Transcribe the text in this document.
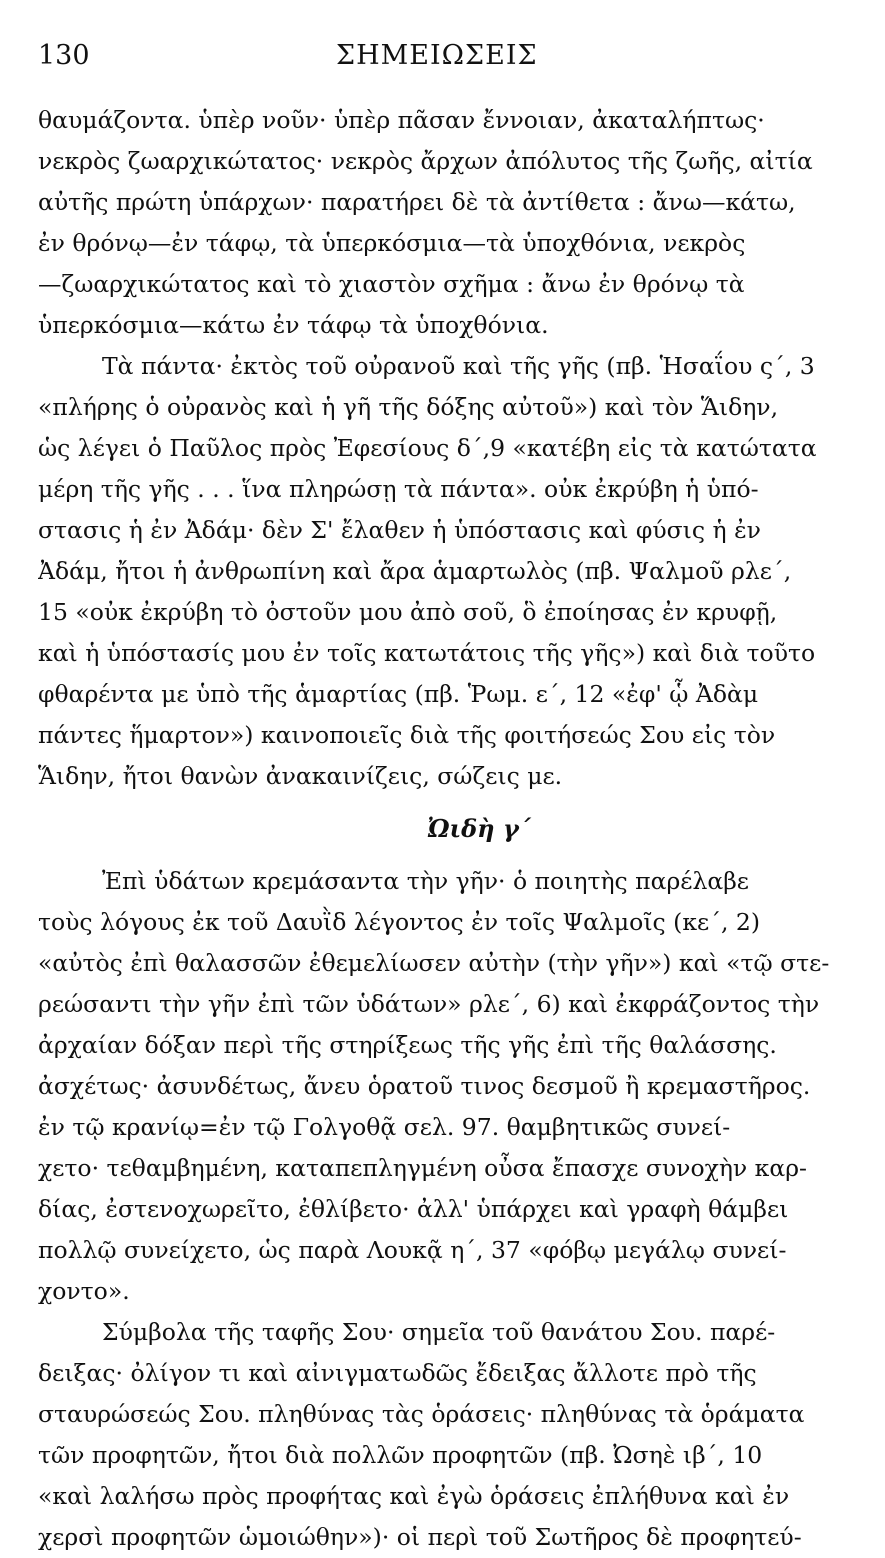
130	ΣΗΜΕΙΩΣΕΙΣ
θαυμάζοντα. ὑπὲρ νοῦν· ὑπὲρ πᾶσαν ἔννοιαν, ἀκαταλήπτως·
νεκρὸς ζωαρχικώτατος· νεκρὸς ἄρχων ἀπόλυτος τῆς ζωῆς, αἰτία
αὐτῆς πρώτη ὑπάρχων· παρατήρει δὲ τὰ ἀντίθετα : ἄνω—κάτω,
ἐν θρόνῳ—ἐν τάφῳ, τὰ ὑπερκόσμια—τὰ ὑποχθόνια, νεκρὸς
—ζωαρχικώτατος καὶ τὸ χιαστὸν σχῆμα : ἄνω ἐν θρόνῳ τὰ
ὑπερκόσμια—κάτω ἐν τάφῳ τὰ ὑποχθόνια.
Τὰ πάντα· ἐκτὸς τοῦ οὐρανοῦ καὶ τῆς γῆς (πβ. Ἡσαΐου ς΄, 3
«πλήρης ὁ οὐρανὸς καὶ ἡ γῆ τῆς δόξης αὐτοῦ») καὶ τὸν Ἅιδην,
ὡς λέγει ὁ Παῦλος πρὸς Ἐφεσίους δ΄,9 «κατέβη εἰς τὰ κατώτατα
μέρη τῆς γῆς . . . ἵνα πληρώσῃ τὰ πάντα». οὐκ ἐκρύβη ἡ ὑπό-
στασις ἡ ἐν Ἀδάμ· δὲν Σ' ἔλαθεν ἡ ὑπόστασις καὶ φύσις ἡ ἐν
Ἀδάμ, ἤτοι ἡ ἀνθρωπίνη καὶ ἄρα ἁμαρτωλὸς (πβ. Ψαλμοῦ ρλε΄,
15 «οὐκ ἐκρύβη τὸ ὀστοῦν μου ἀπὸ σοῦ, ὃ ἐποίησας ἐν κρυφῇ,
καὶ ἡ ὑπόστασίς μου ἐν τοῖς κατωτάτοις τῆς γῆς») καὶ διὰ τοῦτο
φθαρέντα με ὑπὸ τῆς ἁμαρτίας (πβ. Ῥωμ. ε΄, 12 «ἐφ' ᾧ Ἀδὰμ
πάντες ἥμαρτον») καινοποιεῖς διὰ τῆς φοιτήσεώς Σου εἰς τὸν
Ἅιδην, ἤτοι θανὼν ἀνακαινίζεις, σώζεις με.
Ὠιδὴ γ΄
Ἐπὶ ὑδάτων κρεμάσαντα τὴν γῆν· ὁ ποιητὴς παρέλαβε
τοὺς λόγους ἐκ τοῦ Δαυῒδ λέγοντος ἐν τοῖς Ψαλμοῖς (κε΄, 2)
«αὐτὸς ἐπὶ θαλασσῶν ἐθεμελίωσεν αὐτὴν (τὴν γῆν») καὶ «τῷ στε-
ρεώσαντι τὴν γῆν ἐπὶ τῶν ὑδάτων» ρλε΄, 6) καὶ ἐκφράζοντος τὴν
ἀρχαίαν δόξαν περὶ τῆς στηρίξεως τῆς γῆς ἐπὶ τῆς θαλάσσης.
ἀσχέτως· ἀσυνδέτως, ἄνευ ὁρατοῦ τινος δεσμοῦ ἢ κρεμαστῆρος.
ἐν τῷ κρανίῳ=ἐν τῷ Γολγοθᾷ σελ. 97. θαμβητικῶς συνεί-
χετο· τεθαμβημένη, καταπεπληγμένη οὖσα ἔπασχε συνοχὴν καρ-
δίας, ἐστενοχωρεῖτο, ἐθλίβετο· ἀλλ' ὑπάρχει καὶ γραφὴ θάμβει
πολλῷ συνείχετο, ὡς παρὰ Λουκᾷ η΄, 37 «φόβῳ μεγάλῳ συνεί-
χοντο».
Σύμβολα τῆς ταφῆς Σου· σημεῖα τοῦ θανάτου Σου. παρέ-
δειξας· ὀλίγον τι καὶ αἰνιγματωδῶς ἔδειξας ἄλλοτε πρὸ τῆς
σταυρώσεώς Σου. πληθύνας τὰς ὁράσεις· πληθύνας τὰ ὁράματα
τῶν προφητῶν, ἤτοι διὰ πολλῶν προφητῶν (πβ. Ὠσηὲ ιβ΄, 10
«καὶ λαλήσω πρὸς προφήτας καὶ ἐγὼ ὁράσεις ἐπλήθυνα καὶ ἐν
χερσὶ προφητῶν ὡμοιώθην»)· οἱ περὶ τοῦ Σωτῆρος δὲ προφητεύ-
